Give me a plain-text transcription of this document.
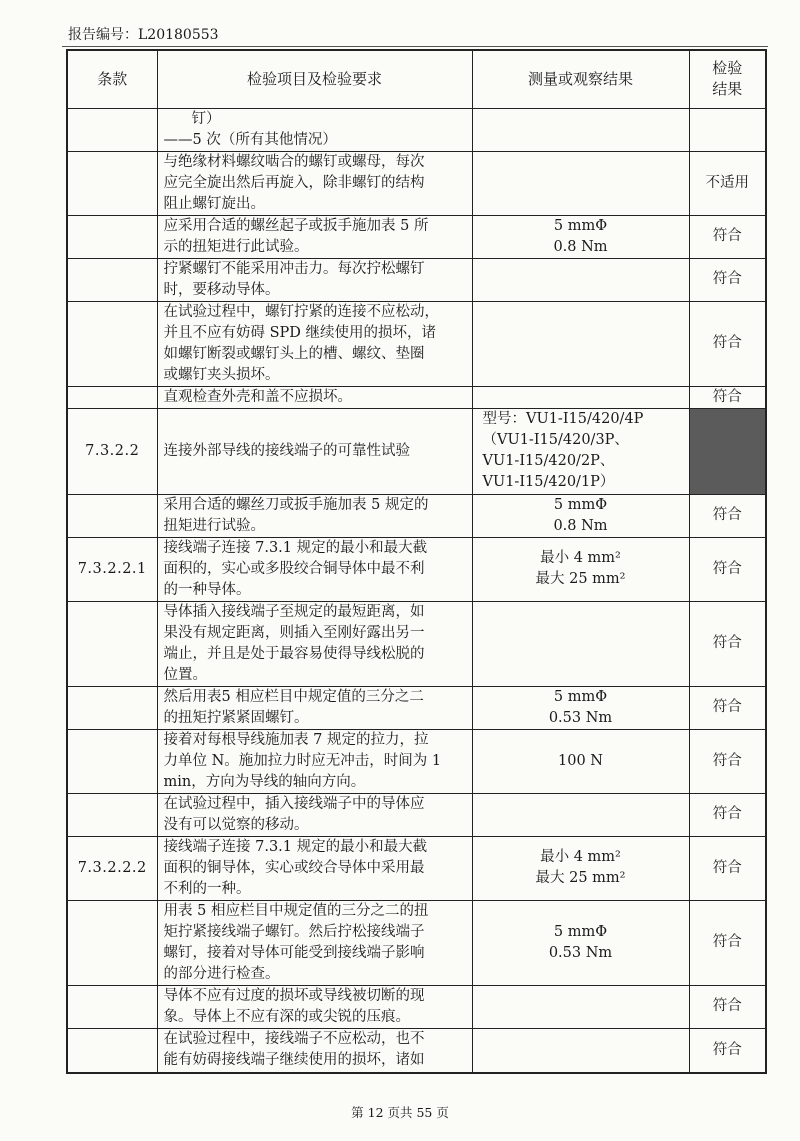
报告编号：L20180553
条款	检验项目及检验要求	测量或观察结果	检验
结果

	钉）
——5 次（所有其他情况）		

	与绝缘材料螺纹啮合的螺钉或螺母，每次
应完全旋出然后再旋入，除非螺钉的结构
阻止螺钉旋出。		不适用

	应采用合适的螺丝起子或扳手施加表 5 所
示的扭矩进行此试验。	5 mmΦ
0.8 Nm	符合

	拧紧螺钉不能采用冲击力。每次拧松螺钉
时，要移动导体。		符合

	在试验过程中，螺钉拧紧的连接不应松动，
并且不应有妨碍 SPD 继续使用的损坏，诸
如螺钉断裂或螺钉头上的槽、螺纹、垫圈
或螺钉夹头损坏。		符合

	直观检查外壳和盖不应损坏。		符合
7.3.2.2	连接外部导线的接线端子的可靠性试验	型号：VU1-I15/420/4P
（VU1-I15/420/3P、
VU1-I15/420/2P、
VU1-I15/420/1P）	

	采用合适的螺丝刀或扳手施加表 5 规定的
扭矩进行试验。	5 mmΦ
0.8 Nm	符合
7.3.2.2.1	接线端子连接 7.3.1 规定的最小和最大截
面积的，实心或多股绞合铜导体中最不利
的一种导体。	最小 4 mm²
最大 25 mm²	符合

	导体插入接线端子至规定的最短距离，如
果没有规定距离，则插入至刚好露出另一
端止，并且是处于最容易使得导线松脱的
位置。		符合

	然后用表5 相应栏目中规定值的三分之二
的扭矩拧紧紧固螺钉。	5 mmΦ
0.53 Nm	符合

	接着对每根导线施加表 7 规定的拉力，拉
力单位 N。施加拉力时应无冲击，时间为 1
min，方向为导线的轴向方向。	100 N	符合

	在试验过程中，插入接线端子中的导体应
没有可以觉察的移动。		符合
7.3.2.2.2	接线端子连接 7.3.1 规定的最小和最大截
面积的铜导体，实心或绞合导体中采用最
不利的一种。	最小 4 mm²
最大 25 mm²	符合

	用表 5 相应栏目中规定值的三分之二的扭
矩拧紧接线端子螺钉。然后拧松接线端子
螺钉，接着对导体可能受到接线端子影响
的部分进行检查。	5 mmΦ
0.53 Nm	符合

	导体不应有过度的损坏或导线被切断的现
象。导体上不应有深的或尖锐的压痕。		符合

	在试验过程中，接线端子不应松动，也不
能有妨碍接线端子继续使用的损坏，诸如		符合
第 12 页共 55 页
